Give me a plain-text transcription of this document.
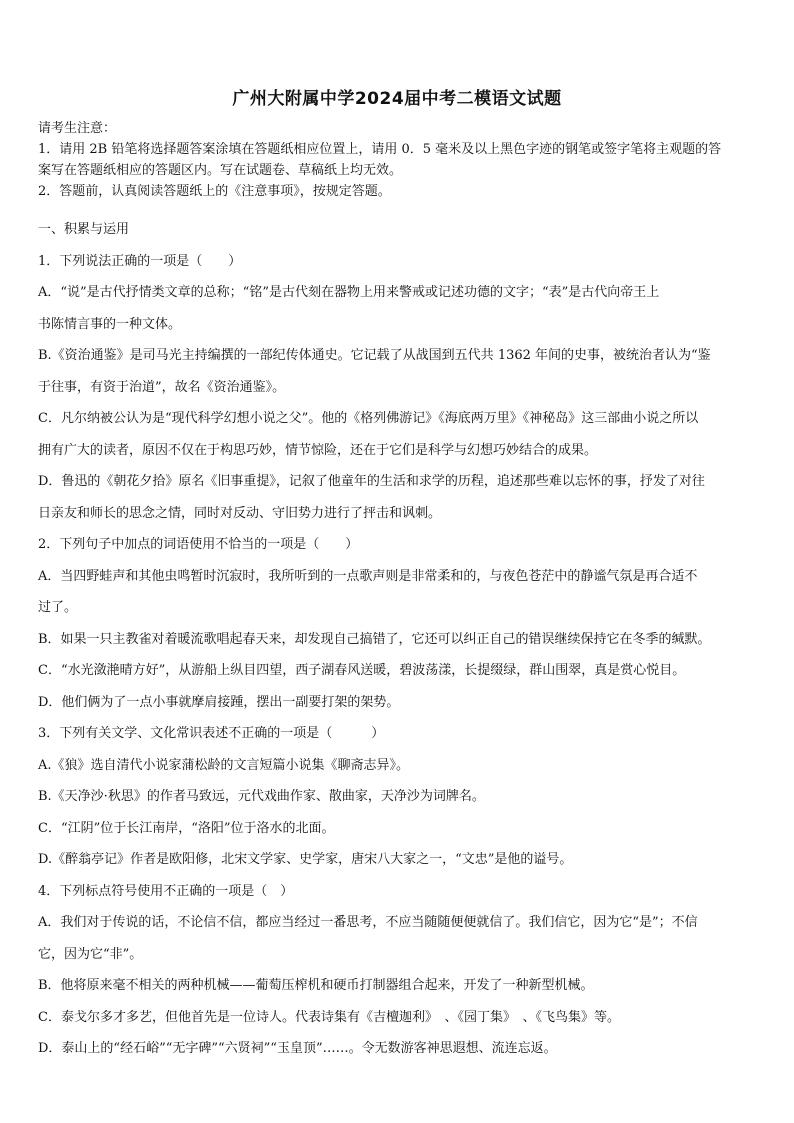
广州大附属中学2024届中考二模语文试题
请考生注意：
1．请用 2B 铅笔将选择题答案涂填在答题纸相应位置上，请用 0．5 毫米及以上黑色字迹的钢笔或签字笔将主观题的答
案写在答题纸相应的答题区内。写在试题卷、草稿纸上均无效。
2．答题前，认真阅读答题纸上的《注意事项》，按规定答题。
一、积累与运用
1．下列说法正确的一项是（　　）
A．“说”是古代抒情类文章的总称；“铭”是古代刻在器物上用来警戒或记述功德的文字；“表”是古代向帝王上
书陈情言事的一种文体。
B.《资治通鉴》是司马光主持编撰的一部纪传体通史。它记载了从战国到五代共 1362 年间的史事，被统治者认为“鉴
于往事，有资于治道”，故名《资治通鉴》。
C．凡尔纳被公认为是“现代科学幻想小说之父”。他的《格列佛游记》《海底两万里》《神秘岛》这三部曲小说之所以
拥有广大的读者，原因不仅在于构思巧妙，情节惊险，还在于它们是科学与幻想巧妙结合的成果。
D．鲁迅的《朝花夕拾》原名《旧事重提》，记叙了他童年的生活和求学的历程，追述那些难以忘怀的事，抒发了对往
日亲友和师长的思念之情，同时对反动、守旧势力进行了抨击和讽刺。
2．下列句子中加点的词语使用不恰当的一项是（　　）
A．当四野蛙声和其他虫鸣暂时沉寂时，我所听到的一点歌声则是非常柔和的，与夜色苍茫中的静谧气氛是再合适不
过了。
B．如果一只主教雀对着暖流歌唱起春天来，却发现自己搞错了，它还可以纠正自己的错误继续保持它在冬季的缄默。
C．“水光潋滟晴方好”，从游船上纵目四望，西子湖春风送暖，碧波荡漾，长提缀绿，群山围翠，真是赏心悦目。
D．他们俩为了一点小事就摩肩接踵，摆出一副要打架的架势。
3．下列有关文学、文化常识表述不正确的一项是（　　　）
A.《狼》选自清代小说家蒲松龄的文言短篇小说集《聊斋志异》。
B.《天净沙·秋思》的作者马致远，元代戏曲作家、散曲家，天净沙为词牌名。
C．“江阴”位于长江南岸，“洛阳”位于洛水的北面。
D.《醉翁亭记》作者是欧阳修，北宋文学家、史学家，唐宋八大家之一，“文忠”是他的谥号。
4．下列标点符号使用不正确的一项是（　）
A．我们对于传说的话，不论信不信，都应当经过一番思考，不应当随随便便就信了。我们信它，因为它“是”；不信
它，因为它“非”。
B．他将原来毫不相关的两种机械——葡萄压榨机和硬币打制器组合起来，开发了一种新型机械。
C．泰戈尔多才多艺，但他首先是一位诗人。代表诗集有《吉檀迦利》　、《园丁集》　、《飞鸟集》等。
D．泰山上的“经石峪”“无字碑”“六贤祠”“玉皇顶”……。令无数游客神思遐想、流连忘返。
